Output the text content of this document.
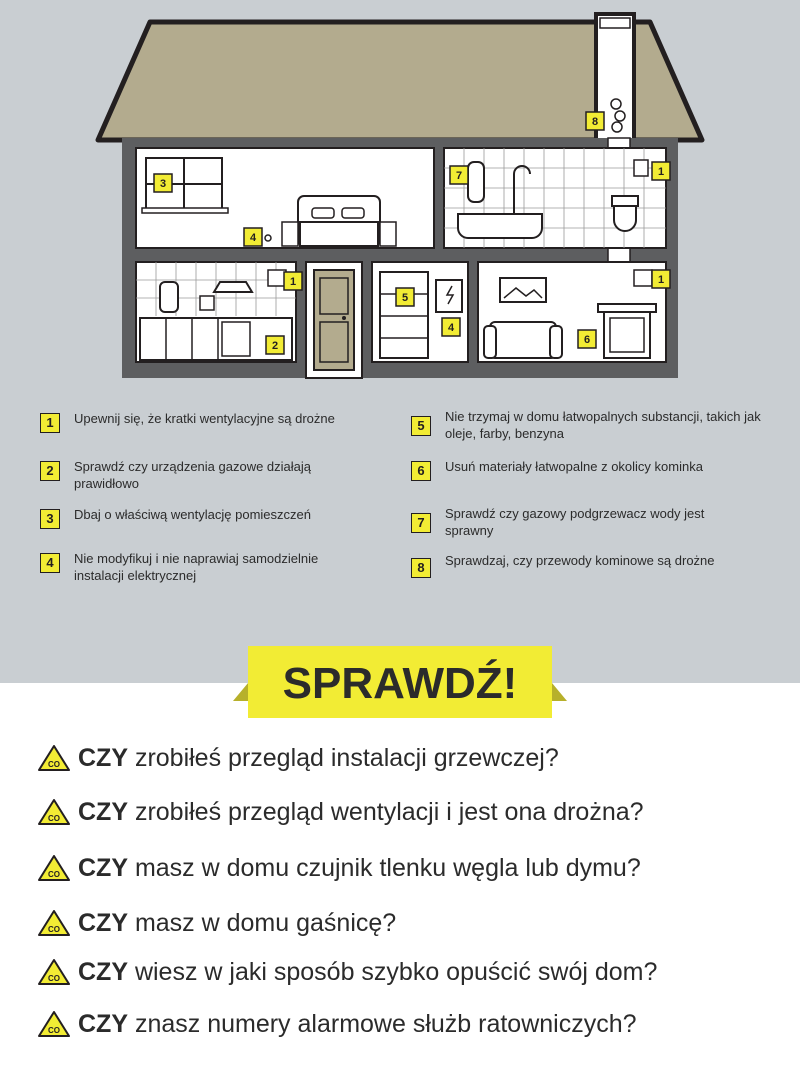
1
1	1
2
3
4
4
5
6
7
8
1	Upewnij się, że kratki wentylacyjne są drożne
2	Sprawdź czy urządzenia gazowe działają prawidłowo
3	Dbaj o właściwą wentylację pomieszczeń
4	Nie modyfikuj i nie naprawiaj samodzielnie instalacji elektrycznej
5
Nie trzymaj w domu łatwopalnych substancji, takich jak oleje, farby, benzyna
6	Usuń materiały łatwopalne z okolicy kominka
7
Sprawdź czy gazowy podgrzewacz wody jest sprawny
8	Sprawdzaj, czy przewody kominowe są drożne
SPRAWDŹ!
CO CZY zrobiłeś przegląd instalacji grzewczej?
CO CZY zrobiłeś przegląd wentylacji i jest ona drożna?
CO CZY masz w domu czujnik tlenku węgla lub dymu?
CO CZY masz w domu gaśnicę?
CO CZY wiesz w jaki sposób szybko opuścić swój dom?
CO CZY znasz numery alarmowe służb ratowniczych?
